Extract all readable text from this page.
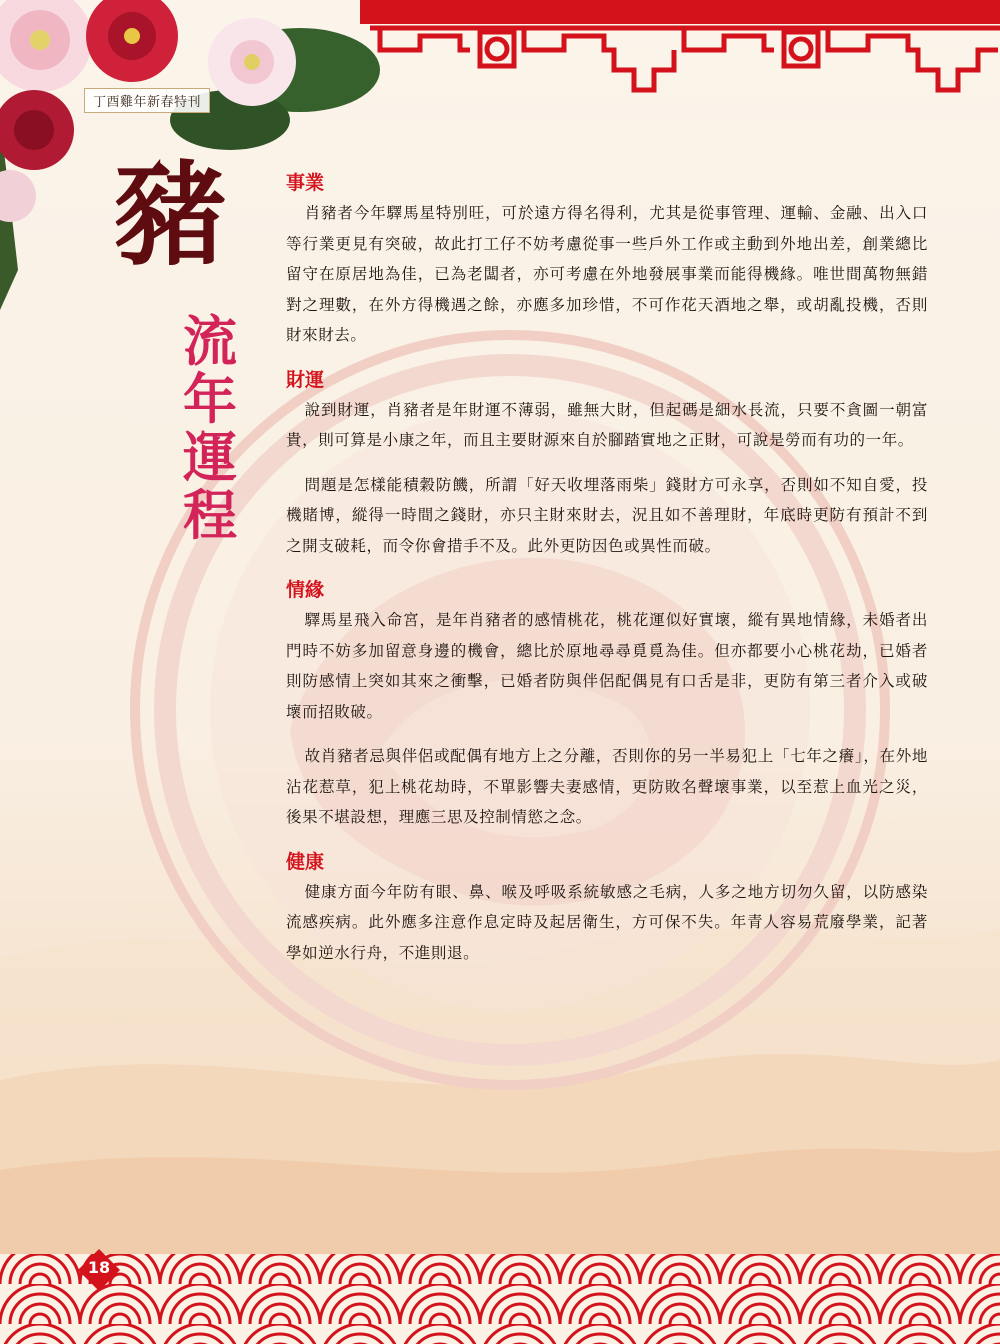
丁酉雞年新春特刊
豬
流
年
運
程
事業

肖豬者今年驛馬星特別旺，可於遠方得名得利，尤其是從事管理、運輸、金融、出入口等行業更見有突破，故此打工仔不妨考慮從事一些戶外工作或主動到外地出差，創業總比留守在原居地為佳，已為老闆者，亦可考慮在外地發展事業而能得機緣。唯世間萬物無錯對之理數，在外方得機遇之餘，亦應多加珍惜，不可作花天酒地之舉，或胡亂投機，否則財來財去。

財運

說到財運，肖豬者是年財運不薄弱，雖無大財，但起碼是細水長流，只要不貪圖一朝富貴，則可算是小康之年，而且主要財源來自於腳踏實地之正財，可說是勞而有功的一年。

問題是怎樣能積穀防饑，所謂「好天收埋落雨柴」錢財方可永享，否則如不知自愛，投機賭博，縱得一時間之錢財，亦只主財來財去，況且如不善理財，年底時更防有預計不到之開支破耗，而令你會措手不及。此外更防因色或異性而破。

情緣

驛馬星飛入命宮，是年肖豬者的感情桃花，桃花運似好實壞，縱有異地情緣，未婚者出門時不妨多加留意身邊的機會，總比於原地尋尋覓覓為佳。但亦都要小心桃花劫，已婚者則防感情上突如其來之衝擊，已婚者防與伴侶配偶見有口舌是非，更防有第三者介入或破壞而招敗破。

故肖豬者忌與伴侶或配偶有地方上之分離，否則你的另一半易犯上「七年之癢」，在外地沾花惹草，犯上桃花劫時，不單影響夫妻感情，更防敗名聲壞事業，以至惹上血光之災，後果不堪設想，理應三思及控制情慾之念。

健康

健康方面今年防有眼、鼻、喉及呼吸系統敏感之毛病，人多之地方切勿久留，以防感染流感疾病。此外應多注意作息定時及起居衛生，方可保不失。年青人容易荒廢學業，記著學如逆水行舟，不進則退。

18
